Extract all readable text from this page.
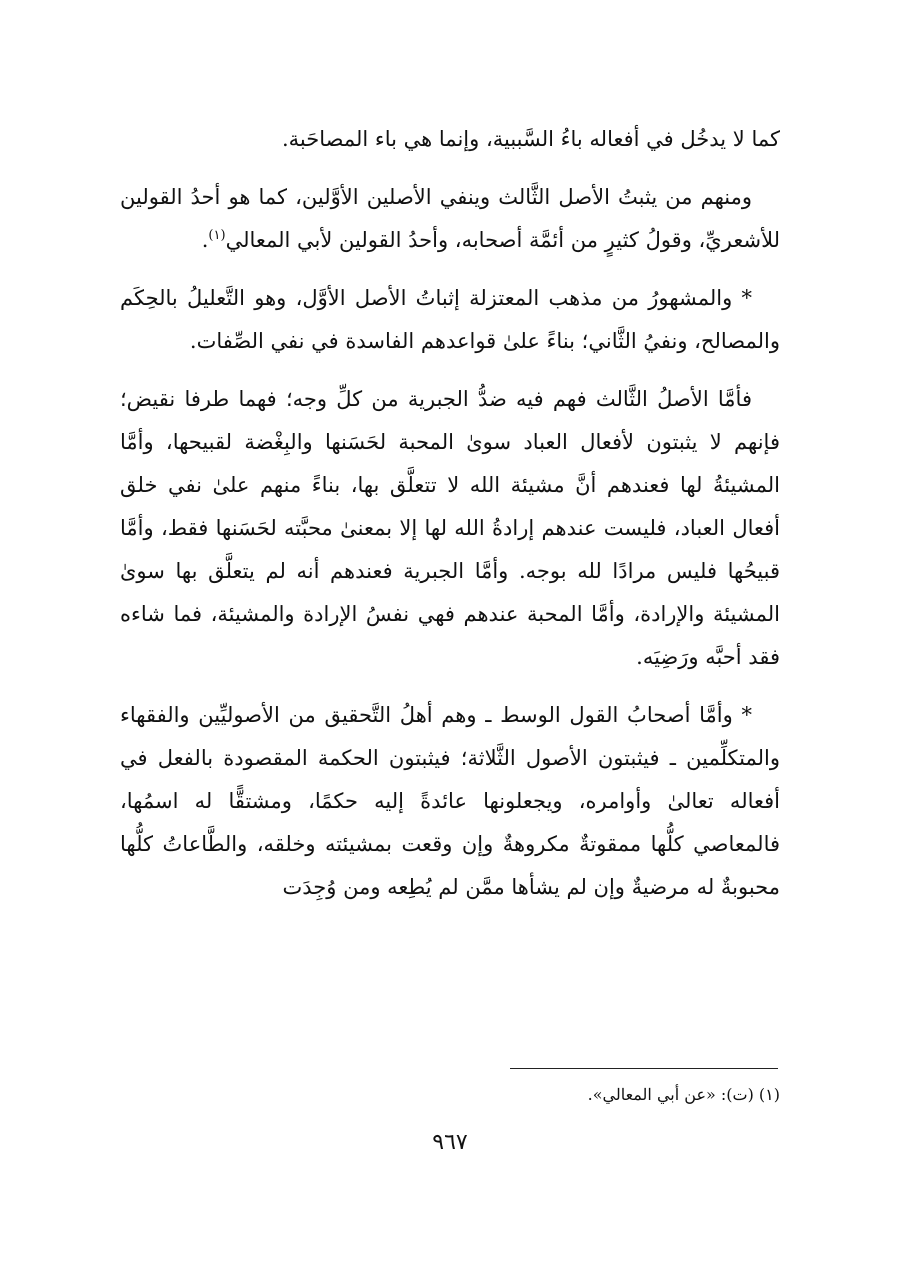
كما لا يدخُل في أفعاله باءُ السَّببية، وإنما هي باء المصاحَبة.

ومنهم من يثبتُ الأصل الثَّالث وينفي الأصلين الأوَّلين، كما هو أحدُ القولين للأشعريِّ، وقولُ كثيرٍ من أئمَّة أصحابه، وأحدُ القولين لأبي المعالي$^{(١)}$.

* والمشهورُ من مذهب المعتزلة إثباتُ الأصل الأوَّل، وهو التَّعليلُ بالحِكَم والمصالح، ونفيُ الثَّاني؛ بناءً علىٰ قواعدهم الفاسدة في نفي الصِّفات.

فأمَّا الأصلُ الثَّالث فهم فيه ضدُّ الجبرية من كلِّ وجه؛ فهما طرفا نقيض؛ فإنهم لا يثبتون لأفعال العباد سوىٰ المحبة لحَسَنها والبِغْضة لقبيحها، وأمَّا المشيئةُ لها فعندهم أنَّ مشيئة الله لا تتعلَّق بها، بناءً منهم علىٰ نفي خلق أفعال العباد، فليست عندهم إرادةُ الله لها إلا بمعنىٰ محبَّته لحَسَنها فقط، وأمَّا قبيحُها فليس مرادًا لله بوجه. وأمَّا الجبرية فعندهم أنه لم يتعلَّق بها سوىٰ المشيئة والإرادة، وأمَّا المحبة عندهم فهي نفسُ الإرادة والمشيئة، فما شاءه فقد أحبَّه ورَضِيَه.

* وأمَّا أصحابُ القول الوسط ـ وهم أهلُ التَّحقيق من الأصوليِّين والفقهاء والمتكلِّمين ـ فيثبتون الأصول الثَّلاثة؛ فيثبتون الحكمة المقصودة بالفعل في أفعاله تعالىٰ وأوامره، ويجعلونها عائدةً إليه حكمًا، ومشتقًّا له اسمُها، فالمعاصي كلُّها ممقوتةٌ مكروهةٌ وإن وقعت بمشيئته وخلقه، والطَّاعاتُ كلُّها محبوبةٌ له مرضيةٌ وإن لم يشأها ممَّن لم يُطِعه ومن وُجِدَت

(١) (ت): «عن أبي المعالي».
٩٦٧
